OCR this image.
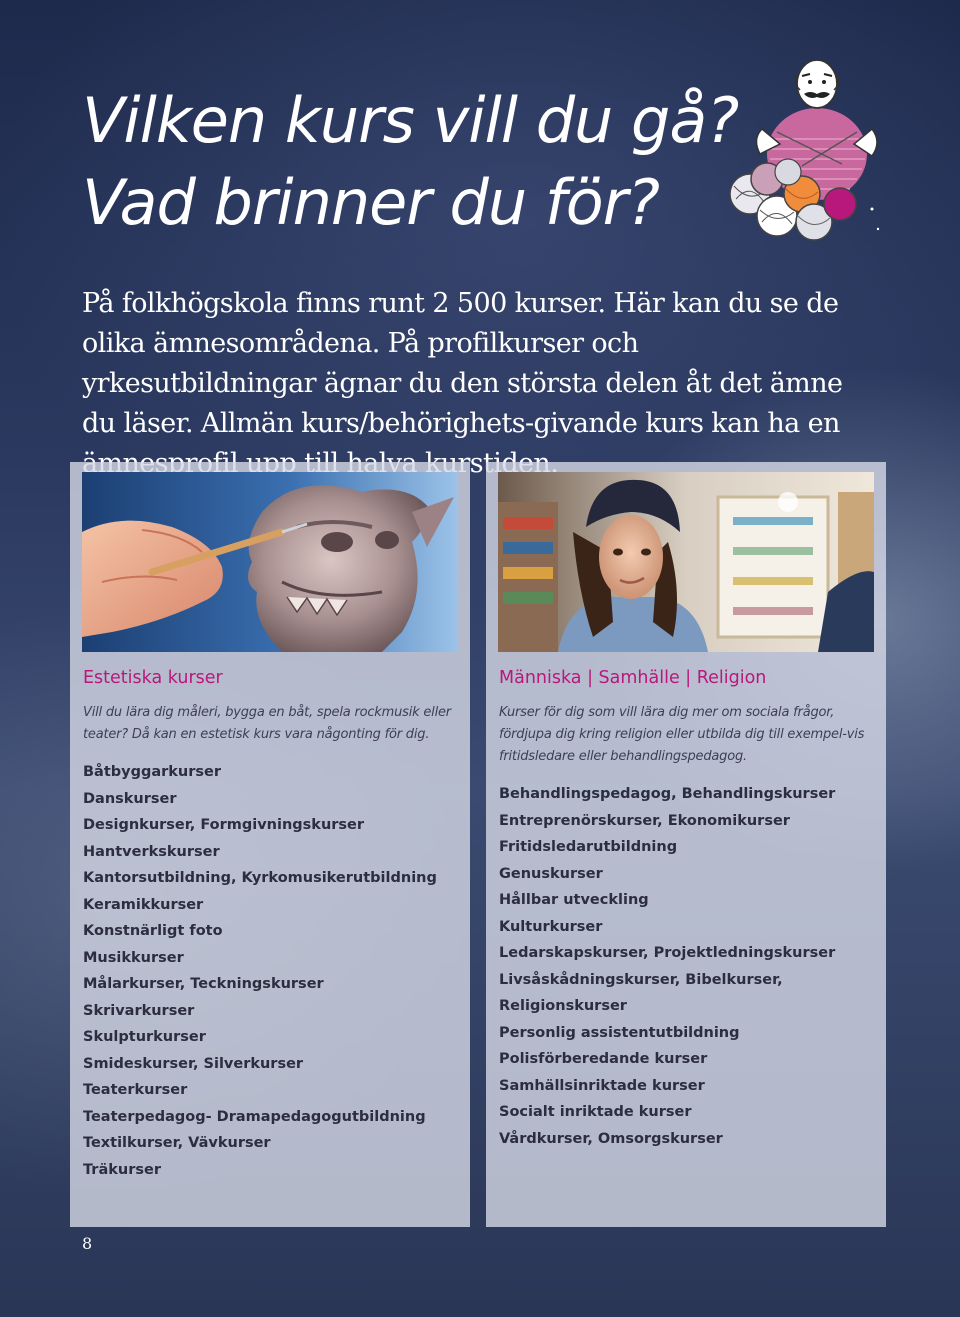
Vilken kurs vill du gå?
Vad brinner du för?

På folkhögskola finns runt 2 500 kurser. Här kan du se de olika ämnesområdena. På profilkurser och yrkesutbildningar ägnar du den största delen åt det ämne du läser. Allmän kurs/behörighets-givande kurs kan ha en

Estetiska kurser

Vill du lära dig måleri, bygga en båt, spela rockmusik eller teater? Då kan en estetisk kurs vara någonting för dig.

Båtbyggarkurser
Danskurser
Designkurser, Formgivningskurser
Hantverkskurser
Kantorsutbildning, Kyrkomusikerutbildning
Keramikkurser
Konstnärligt foto
Musikkurser
Målarkurser, Teckningskurser
Skrivarkurser
Skulpturkurser
Smideskurser, Silverkurser
Teaterkurser
Teaterpedagog- Dramapedagogutbildning
Textilkurser, Vävkurser
Träkurser
Människa | Samhälle | Religion

Kurser för dig som vill lära dig mer om sociala frågor, fördjupa dig kring religion eller utbilda dig till exempel-vis fritidsledare eller behandlingspedagog.

Behandlingspedagog, Behandlingskurser
Entreprenörskurser, Ekonomikurser
Fritidsledarutbildning
Genuskurser
Hållbar utveckling
Kulturkurser
Ledarskapskurser, Projektledningskurser
Livsåskådningskurser, Bibelkurser,
Religionskurser
Personlig assistentutbildning
Polisförberedande kurser
Samhällsinriktade kurser
Socialt inriktade kurser
Vårdkurser, Omsorgskurser
8
